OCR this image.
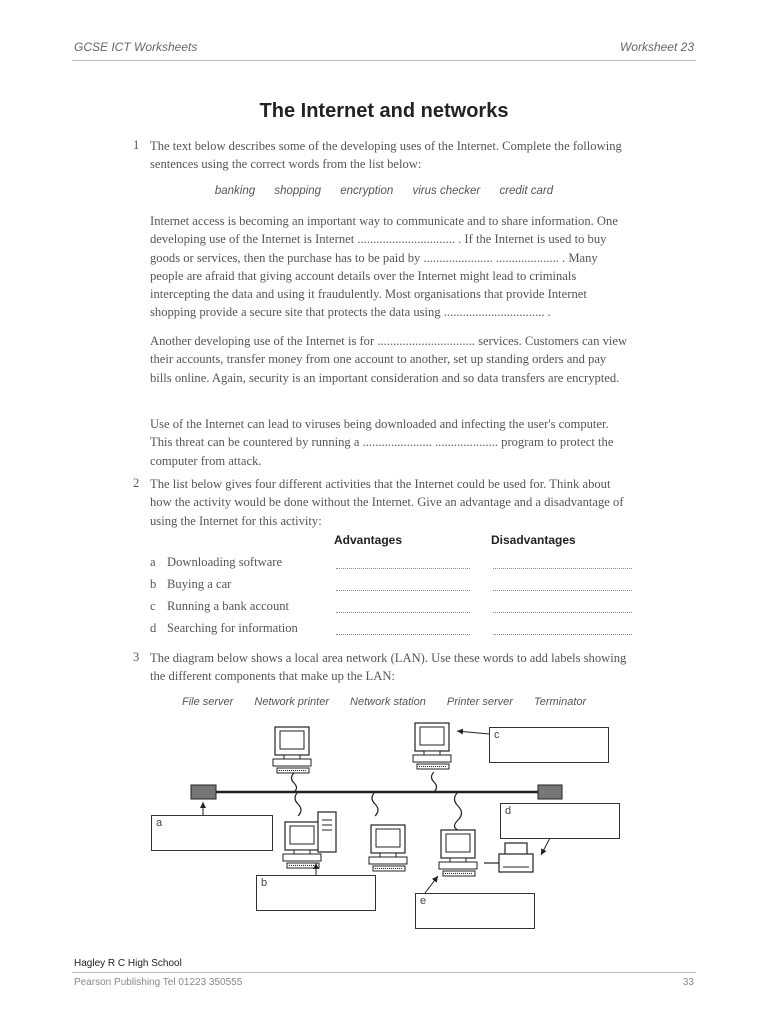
GCSE ICT Worksheets	Worksheet 23
The Internet and networks
1 The text below describes some of the developing uses of the Internet. Complete the following sentences using the correct words from the list below:

banking shopping encryption virus checker credit card

Internet access is becoming an important way to communicate and to share information. One developing use of the Internet is Internet ............................... . If the Internet is used to buy goods or services, then the purchase has to be paid by ...................... .................... . Many people are afraid that giving account details over the Internet might lead to criminals intercepting the data and using it fraudulently. Most organisations that provide Internet shopping provide a secure site that protects the data using ................................ .

Another developing use of the Internet is for ............................... services. Customers can view their accounts, transfer money from one account to another, set up standing orders and pay bills online. Again, security is an important consideration and so data transfers are encrypted.

Use of the Internet can lead to viruses being downloaded and infecting the user's computer. This threat can be countered by running a ...................... .................... program to protect the computer from attack.

2 The list below gives four different activities that the Internet could be used for. Think about how the activity would be done without the Internet. Give an advantage and a disadvantage of using the Internet for this activity:

Advantages	Disadvantages
a Downloading software
b Buying a car
c Running a bank account
d Searching for information
3 The diagram below shows a local area network (LAN). Use these words to add labels showing the different components that make up the LAN:

File server Network printer Network station Printer server Terminator
a
b
c
d
e
Hagley R C High School
Pearson Publishing Tel 01223 350555	33
